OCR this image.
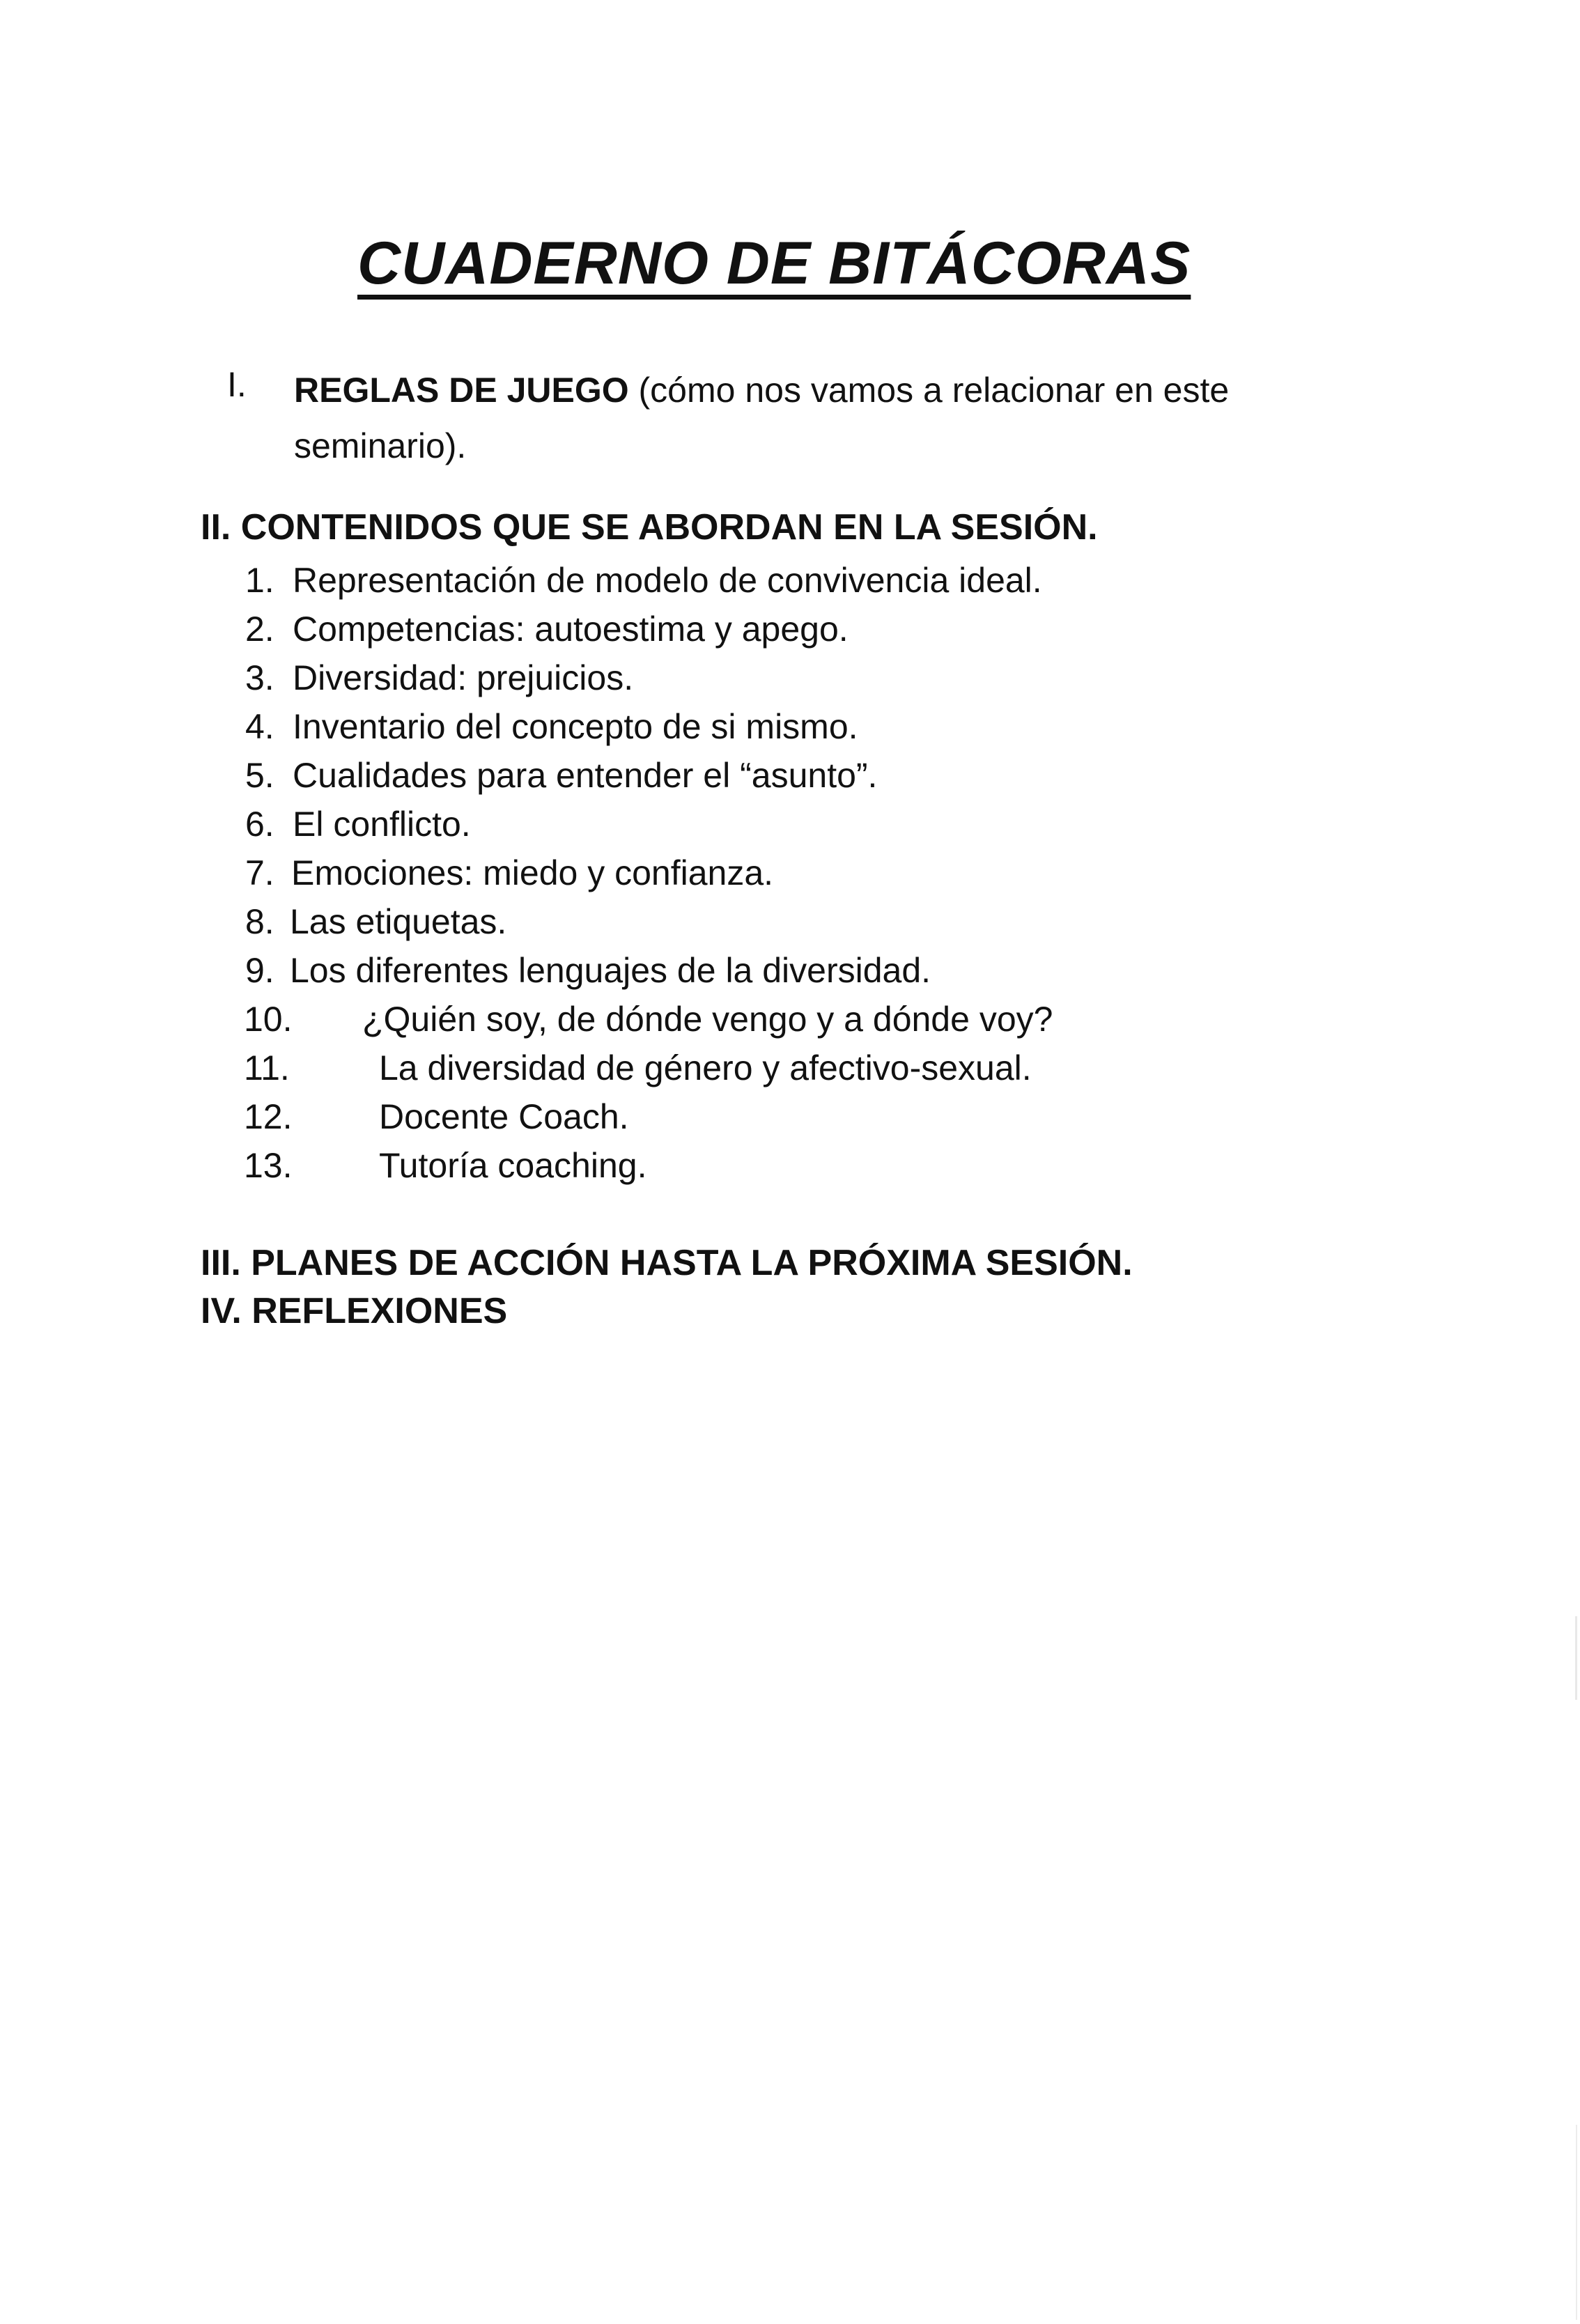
CUADERNO DE BITÁCORAS
I. REGLAS DE JUEGO (cómo nos vamos a relacionar en este seminario).
II. CONTENIDOS QUE SE ABORDAN EN LA SESIÓN.
1. Representación de modelo de convivencia ideal.
2. Competencias: autoestima y apego.
3. Diversidad: prejuicios.
4. Inventario del concepto de si mismo.
5. Cualidades para entender el “asunto”.
6. El conflicto.
7. Emociones: miedo y confianza.
8. Las etiquetas.
9. Los diferentes lenguajes de la diversidad.
10. ¿Quién soy, de dónde vengo y a dónde voy?
11.	La diversidad de género y afectivo-sexual.
12. Docente Coach.
13. Tutoría coaching.
III. PLANES DE ACCIÓN HASTA LA PRÓXIMA SESIÓN.
IV. REFLEXIONES
